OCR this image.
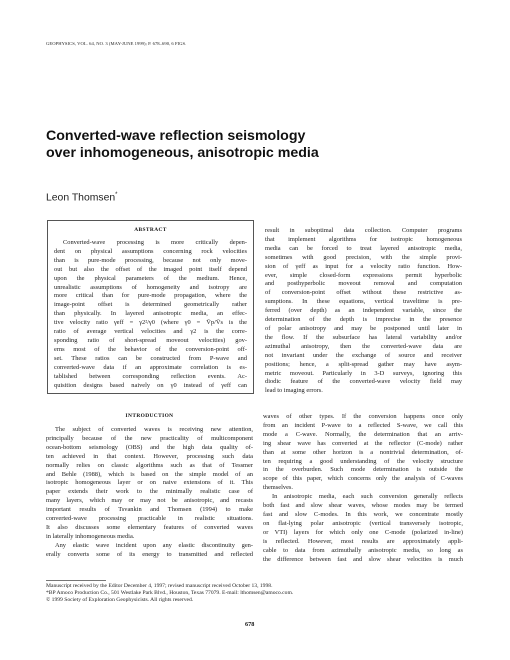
GEOPHYSICS, VOL. 64, NO. 3 (MAY-JUNE 1999); P. 678–690, 6 FIGS.
Converted-wave reflection seismology
over inhomogeneous, anisotropic media
Leon Thomsen*
ABSTRACT
Converted-wave processing is more critically depen-
dent on physical assumptions concerning rock velocities
than is pure-mode processing, because not only move-
out but also the offset of the imaged point itself depend
upon the physical parameters of the medium. Hence,
unrealistic assumptions of homogeneity and isotropy are
more critical than for pure-mode propagation, where the
image-point offset is determined geometrically rather
than physically. In layered anisotropic media, an effec-
tive velocity ratio γeff = γ2²/γ0 (where γ0 = V̄p/V̄s is the
ratio of average vertical velocities and γ2 is the corre-
sponding ratio of short-spread moveout velocities) gov-
erns most of the behavior of the conversion-point off-
set. These ratios can be constructed from P-wave and
converted-wave data if an approximate correlation is es-
tablished between corresponding reflection events. Ac-
quisition designs based naively on γ0 instead of γeff can
result in suboptimal data collection. Computer programs
that implement algorithms for isotropic homogeneous
media can be forced to treat layered anisotropic media,
sometimes with good precision, with the simple provi-
sion of γeff as input for a velocity ratio function. How-
ever, simple closed-form expressions permit hyperbolic
and posthyperbolic moveout removal and computation
of conversion-point offset without these restrictive as-
sumptions. In these equations, vertical traveltime is pre-
ferred (over depth) as an independent variable, since the
determination of the depth is imprecise in the presence
of polar anisotropy and may be postponed until later in
the flow. If the subsurface has lateral variability and/or
azimuthal anisotropy, then the converted-wave data are
not invariant under the exchange of source and receiver
positions; hence, a split-spread gather may have asym-
metric moveout. Particularly in 3-D surveys, ignoring this
diodic feature of the converted-wave velocity field may
lead to imaging errors.
INTRODUCTION
The subject of converted waves is receiving new attention,
principally because of the new practicality of multicomponent
ocean-bottom seismology (OBS) and the high data quality of-
ten achieved in that context. However, processing such data
normally relies on classic algorithms such as that of Tessmer
and Behle (1988), which is based on the simple model of an
isotropic homogeneous layer or on naive extensions of it. This
paper extends their work to the minimally realistic case of
many layers, which may or may not be anisotropic, and recasts
important results of Tsvankin and Thomsen (1994) to make
converted-wave processing practicable in realistic situations.
It also discusses some elementary features of converted waves
in laterally inhomogeneous media.
Any elastic wave incident upon any elastic discontinuity gen-
erally converts some of its energy to transmitted and reflected
waves of other types. If the conversion happens once only
from an incident P-wave to a reflected S-wave, we call this
mode a C-wave. Normally, the determination that an arriv-
ing shear wave has converted at the reflector (C-mode) rather
than at some other horizon is a nontrivial determination, of-
ten requiring a good understanding of the velocity structure
in the overburden. Such mode determination is outside the
scope of this paper, which concerns only the analysis of C-waves
themselves.
In anisotropic media, each such conversion generally reflects
both fast and slow shear waves, whose modes may be termed
fast and slow C-modes. In this work, we concentrate mostly
on flat-lying polar anisotropic (vertical transversely isotropic,
or VTI) layers for which only one C-mode (polarized in-line)
is reflected. However, most results are approximately appli-
cable to data from azimuthally anisotropic media, so long as
the difference between fast and slow shear velocities is much
Manuscript received by the Editor December 4, 1997; revised manuscript received October 13, 1998.
*BP Amoco Production Co., 501 Westlake Park Blvd., Houston, Texas 77079. E-mail: lthomsen@amoco.com.
© 1999 Society of Exploration Geophysicists. All rights reserved.
678
